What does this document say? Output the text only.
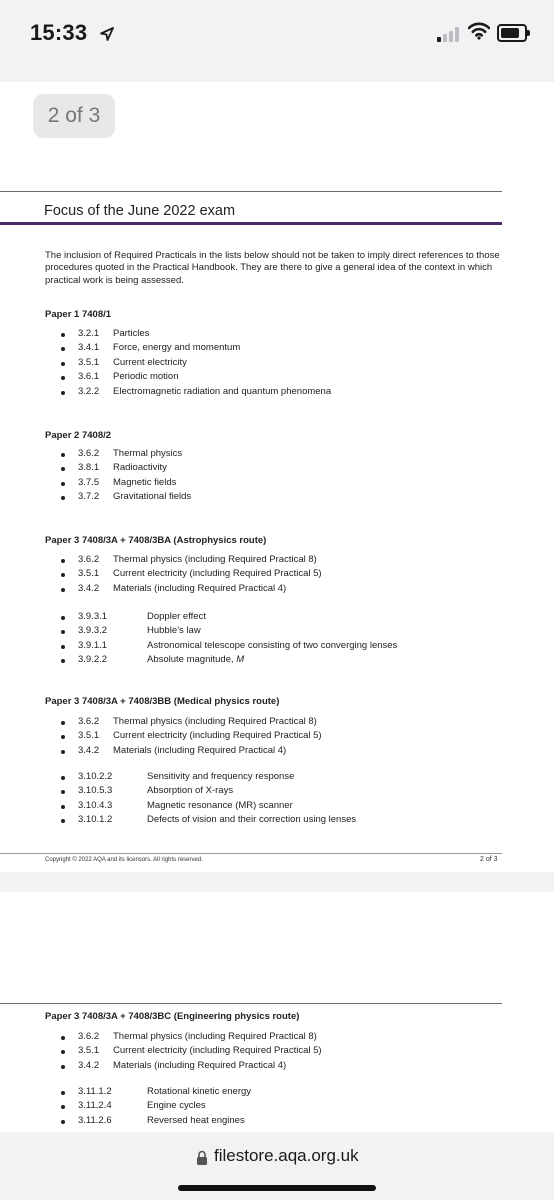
15:33
2 of 3
Focus of the June 2022 exam
The inclusion of Required Practicals in the lists below should not be taken to imply direct references to those procedures quoted in the Practical Handbook. They are there to give a general idea of the context in which practical work is being assessed.
Paper 1 7408/1
3.2.1 Particles
3.4.1 Force, energy and momentum
3.5.1 Current electricity
3.6.1 Periodic motion
3.2.2 Electromagnetic radiation and quantum phenomena
Paper 2 7408/2
3.6.2 Thermal physics
3.8.1 Radioactivity
3.7.5 Magnetic fields
3.7.2 Gravitational fields
Paper 3 7408/3A + 7408/3BA (Astrophysics route)
3.6.2 Thermal physics (including Required Practical 8)
3.5.1 Current electricity (including Required Practical 5)
3.4.2 Materials (including Required Practical 4)
3.9.3.1	Doppler effect
3.9.3.2	Hubble’s law
3.9.1.1	Astronomical telescope consisting of two converging lenses
3.9.2.2	Absolute magnitude, M
Paper 3 7408/3A + 7408/3BB (Medical physics route)
3.6.2 Thermal physics (including Required Practical 8)
3.5.1 Current electricity (including Required Practical 5)
3.4.2 Materials (including Required Practical 4)
3.10.2.2	Sensitivity and frequency response
3.10.5.3	Absorption of X-rays
3.10.4.3	Magnetic resonance (MR) scanner
3.10.1.2	Defects of vision and their correction using lenses
Copyright © 2022 AQA and its licensors. All rights reserved.	2 of 3
Paper 3 7408/3A + 7408/3BC (Engineering physics route)
3.6.2 Thermal physics (including Required Practical 8)
3.5.1 Current electricity (including Required Practical 5)
3.4.2 Materials (including Required Practical 4)
3.11.1.2	Rotational kinetic energy
3.11.2.4	Engine cycles
3.11.2.6	Reversed heat engines
filestore.aqa.org.uk
